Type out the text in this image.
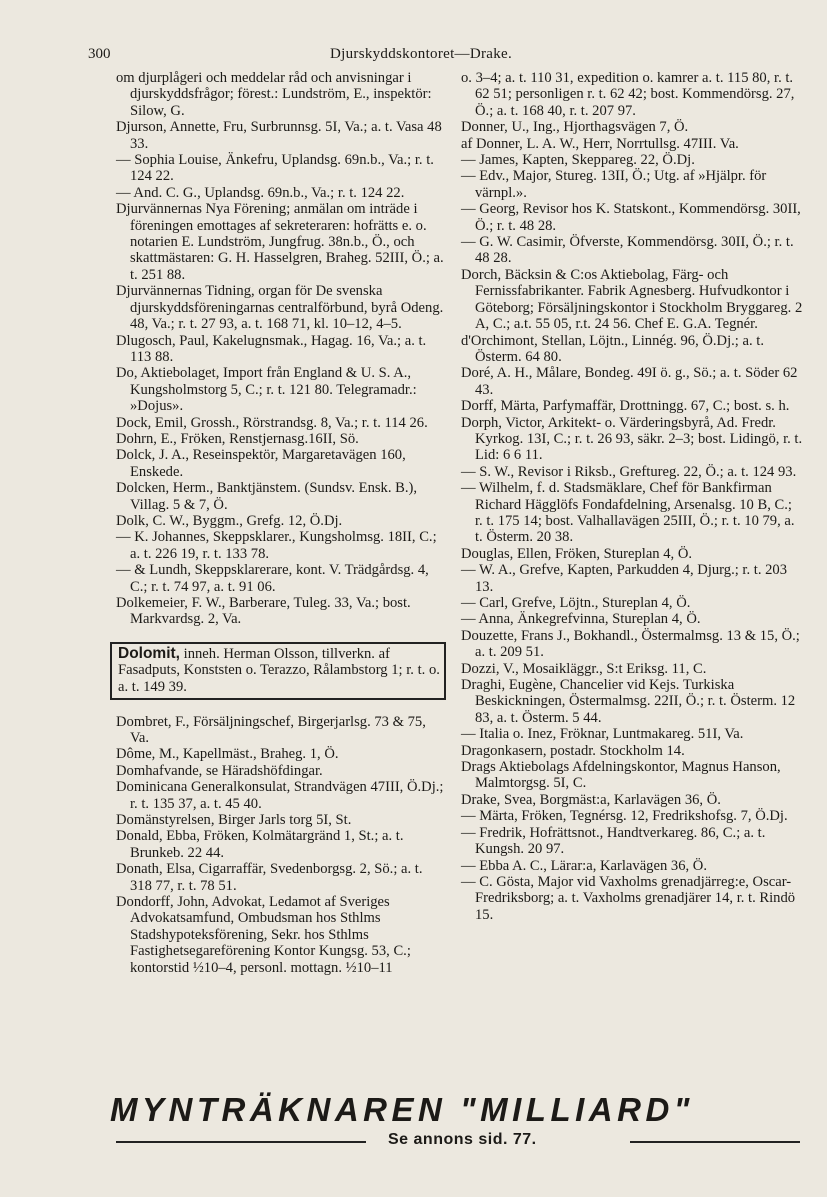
300	Djurskyddskontoret—Drake.

om djurplågeri och meddelar råd och anvisningar i djurskyddsfrågor; förest.: Lundström, E., inspektör: Silow, G.

Djurson, Annette, Fru, Surbrunnsg. 5I, Va.; a. t. Vasa 48 33.

— Sophia Louise, Änkefru, Uplandsg. 69n.b., Va.; r. t. 124 22.

— And. C. G., Uplandsg. 69n.b., Va.; r. t. 124 22.

Djurvännernas Nya Förening; anmälan om inträde i föreningen emottages af sekreteraren: hofrätts e. o. notarien E. Lundström, Jungfrug. 38n.b., Ö., och skattmästaren: G. H. Hasselgren, Braheg. 52III, Ö.; a. t. 251 88.

Djurvännernas Tidning, organ för De svenska djurskyddsföreningarnas centralförbund, byrå Odeng. 48, Va.; r. t. 27 93, a. t. 168 71, kl. 10–12, 4–5.

Dlugosch, Paul, Kakelugnsmak., Hagag. 16, Va.; a. t. 113 88.

Do, Aktiebolaget, Import från England & U. S. A., Kungsholmstorg 5, C.; r. t. 121 80. Telegramadr.: »Dojus».

Dock, Emil, Grossh., Rörstrandsg. 8, Va.; r. t. 114 26.

Dohrn, E., Fröken, Renstjernasg.16II, Sö.

Dolck, J. A., Reseinspektör, Margaretavägen 160, Enskede.

Dolcken, Herm., Banktjänstem. (Sundsv. Ensk. B.), Villag. 5 & 7, Ö.

Dolk, C. W., Byggm., Grefg. 12, Ö.Dj.

— K. Johannes, Skeppsklarer., Kungsholmsg. 18II, C.; a. t. 226 19, r. t. 133 78.

— & Lundh, Skeppsklarerare, kont. V. Trädgårdsg. 4, C.; r. t. 74 97, a. t. 91 06.

Dolkemeier, F. W., Barberare, Tuleg. 33, Va.; bost. Markvardsg. 2, Va.

Dolomit, inneh. Herman Olsson, tillverkn. af Fasadputs, Konststen o. Terazzo, Rålambstorg 1; r. t. o. a. t. 149 39.

Dombret, F., Försäljningschef, Birgerjarlsg. 73 & 75, Va.

Dôme, M., Kapellmäst., Braheg. 1, Ö.

Domhafvande, se Häradshöfdingar.

Dominicana Generalkonsulat, Strandvägen 47III, Ö.Dj.; r. t. 135 37, a. t. 45 40.

Domänstyrelsen, Birger Jarls torg 5I, St.

Donald, Ebba, Fröken, Kolmätargränd 1, St.; a. t. Brunkeb. 22 44.

Donath, Elsa, Cigarraffär, Svedenborgsg. 2, Sö.; a. t. 318 77, r. t. 78 51.

Dondorff, John, Advokat, Ledamot af Sveriges Advokatsamfund, Ombudsman hos Sthlms Stadshypoteksförening, Sekr. hos Sthlms Fastighetsegareförening Kontor Kungsg. 53, C.; kontorstid ½10–4, personl. mottagn. ½10–11

o. 3–4; a. t. 110 31, expedition o. kamrer a. t. 115 80, r. t. 62 51; personligen r. t. 62 42; bost. Kommendörsg. 27, Ö.; a. t. 168 40, r. t. 207 97.

Donner, U., Ing., Hjorthagsvägen 7, Ö.

af Donner, L. A. W., Herr, Norrtullsg. 47III. Va.

— James, Kapten, Skeppareg. 22, Ö.Dj.

— Edv., Major, Stureg. 13II, Ö.; Utg. af »Hjälpr. för värnpl.».

— Georg, Revisor hos K. Statskont., Kommendörsg. 30II, Ö.; r. t. 48 28.

— G. W. Casimir, Öfverste, Kommendörsg. 30II, Ö.; r. t. 48 28.

Dorch, Bäcksin & C:os Aktiebolag, Färg- och Fernissfabrikanter. Fabrik Agnesberg. Hufvudkontor i Göteborg; Försäljningskontor i Stockholm Bryggareg. 2 A, C.; a.t. 55 05, r.t. 24 56. Chef E. G.A. Tegnér.

d'Orchimont, Stellan, Löjtn., Linnég. 96, Ö.Dj.; a. t. Österm. 64 80.

Doré, A. H., Målare, Bondeg. 49I ö. g., Sö.; a. t. Söder 62 43.

Dorff, Märta, Parfymaffär, Drottningg. 67, C.; bost. s. h.

Dorph, Victor, Arkitekt- o. Värderingsbyrå, Ad. Fredr. Kyrkog. 13I, C.; r. t. 26 93, säkr. 2–3; bost. Lidingö, r. t. Lid: 6 6 11.

— S. W., Revisor i Riksb., Greftureg. 22, Ö.; a. t. 124 93.

— Wilhelm, f. d. Stadsmäklare, Chef för Bankfirman Richard Hägglöfs Fondafdelning, Arsenalsg. 10 B, C.; r. t. 175 14; bost. Valhallavägen 25III, Ö.; r. t. 10 79, a. t. Österm. 20 38.

Douglas, Ellen, Fröken, Stureplan 4, Ö.

— W. A., Grefve, Kapten, Parkudden 4, Djurg.; r. t. 203 13.

— Carl, Grefve, Löjtn., Stureplan 4, Ö.

— Anna, Änkegrefvinna, Stureplan 4, Ö.

Douzette, Frans J., Bokhandl., Östermalmsg. 13 & 15, Ö.; a. t. 209 51.

Dozzi, V., Mosaikläggr., S:t Eriksg. 11, C.

Draghi, Eugène, Chancelier vid Kejs. Turkiska Beskickningen, Östermalmsg. 22II, Ö.; r. t. Österm. 12 83, a. t. Österm. 5 44.

— Italia o. Inez, Fröknar, Luntmakareg. 51I, Va.

Dragonkasern, postadr. Stockholm 14.

Drags Aktiebolags Afdelningskontor, Magnus Hanson, Malmtorgsg. 5I, C.

Drake, Svea, Borgmäst:a, Karlavägen 36, Ö.

— Märta, Fröken, Tegnérsg. 12, Fredrikshofsg. 7, Ö.Dj.

— Fredrik, Hofrättsnot., Handtverkareg. 86, C.; a. t. Kungsh. 20 97.

— Ebba A. C., Lärar:a, Karlavägen 36, Ö.

— C. Gösta, Major vid Vaxholms grenadjärreg:e, Oscar-Fredriksborg; a. t. Vaxholms grenadjärer 14, r. t. Rindö 15.

MYNTRÄKNAREN "MILLIARD"

Se annons sid. 77.
